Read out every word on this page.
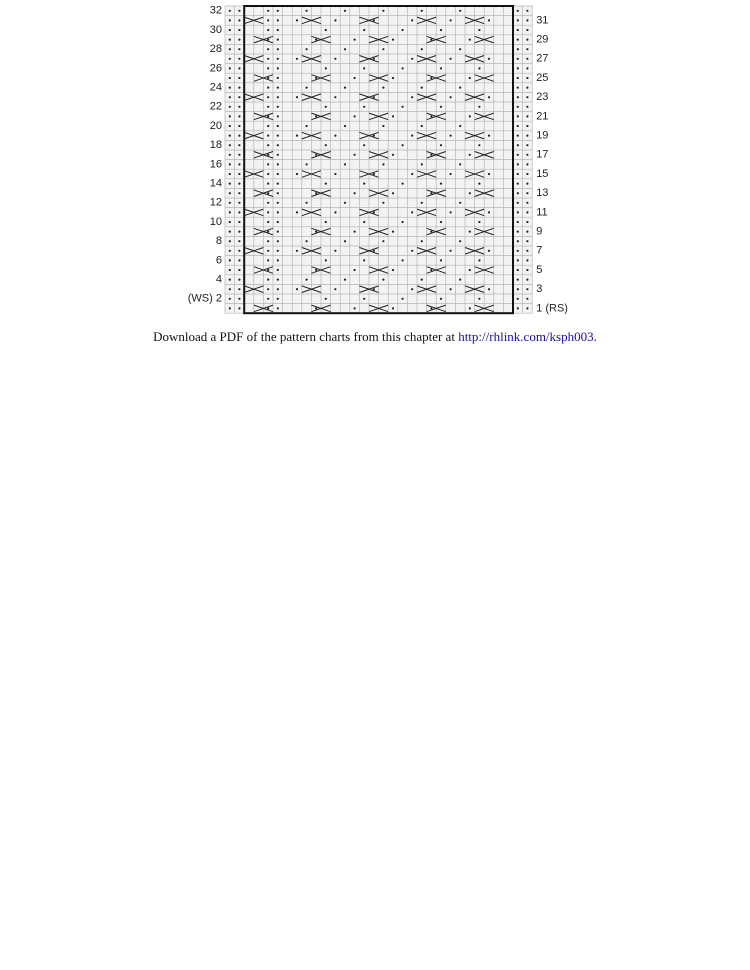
32
30
28
26
24
22
20
18
16
14
12
10
8
6
4
(WS) 2
31
29
27
25
23
21
19
17
15
13
11
9
7
5
3
1 (RS)
Download a PDF of the pattern charts from this chapter at http://rhlink.com/ksph003.
